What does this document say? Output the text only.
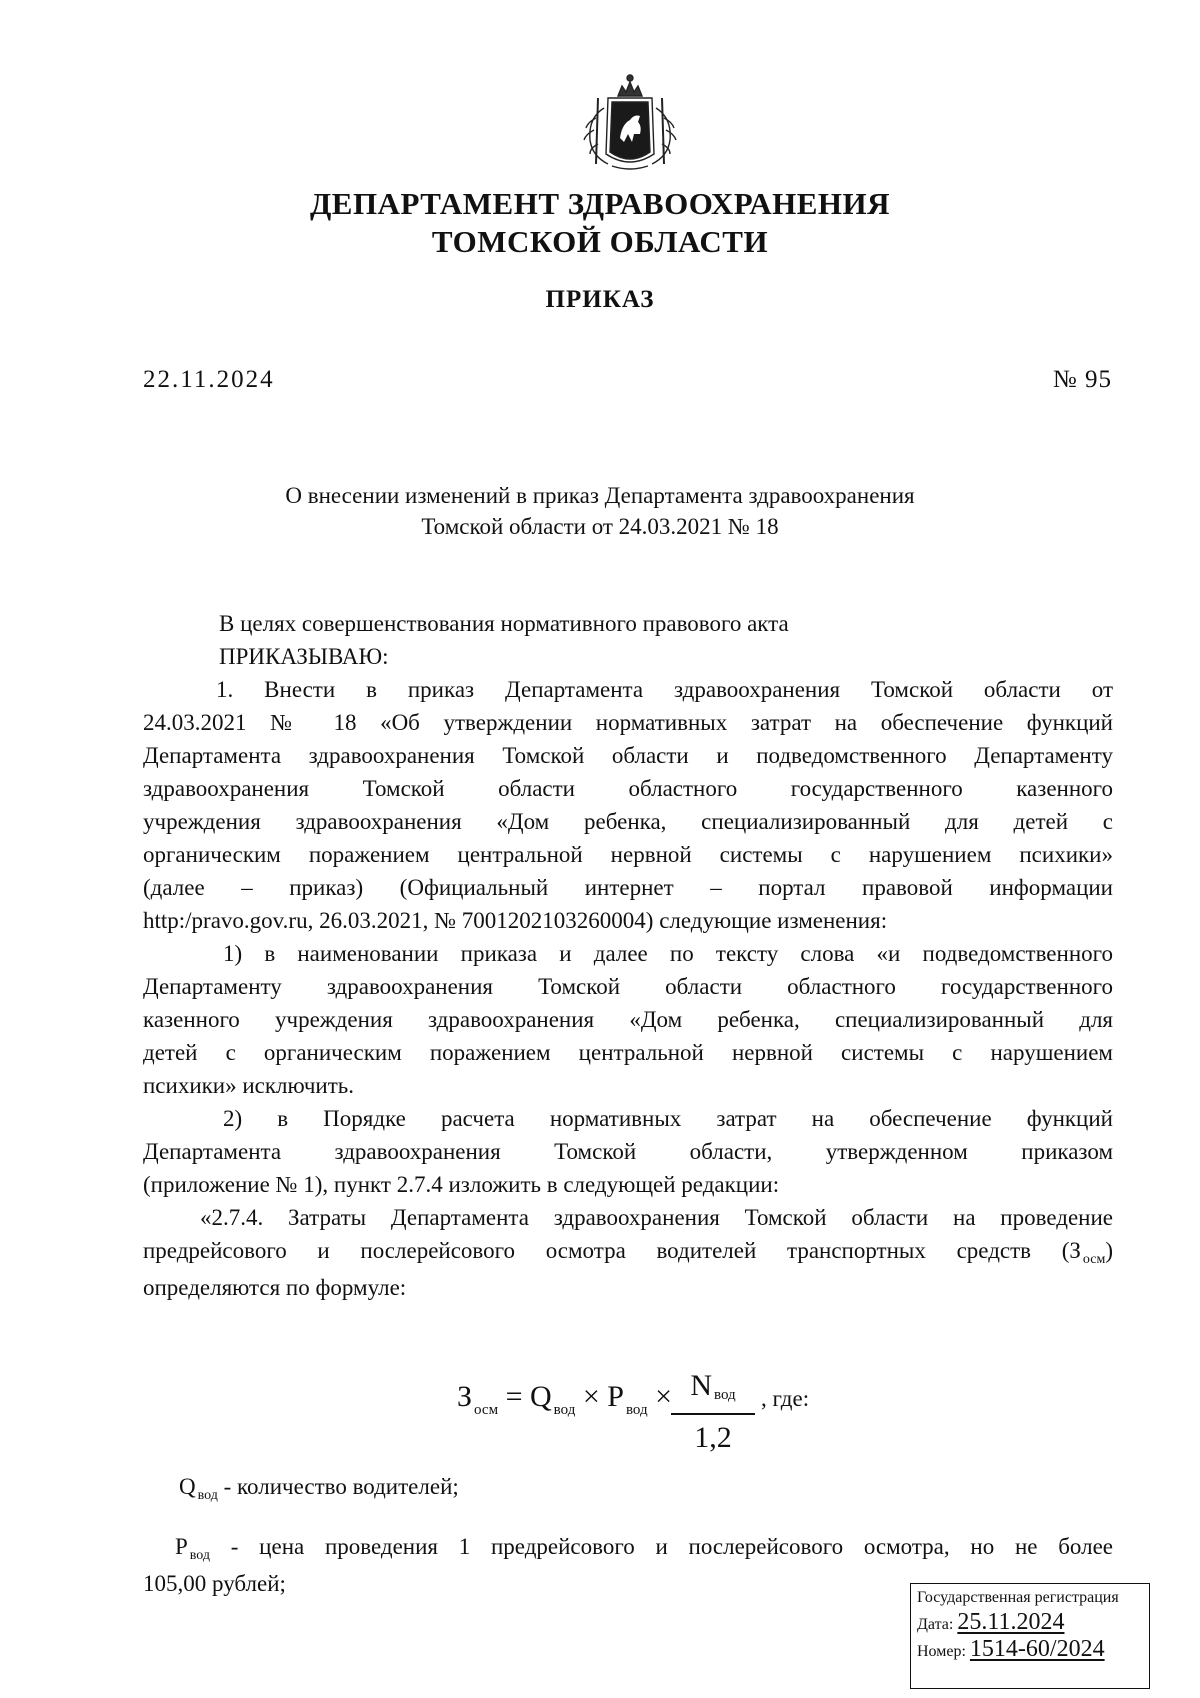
ДЕПАРТАМЕНТ ЗДРАВООХРАНЕНИЯ
ТОМСКОЙ ОБЛАСТИ
ПРИКАЗ
22.11.2024	№ 95
О внесении изменений в приказ Департамента здравоохранения
Томской области от 24.03.2021 № 18
В целях совершенствования нормативного правового акта
ПРИКАЗЫВАЮ:
1. Внести в приказ Департамента здравоохранения Томской области от
24.03.2021 № 18 «Об утверждении нормативных затрат на обеспечение функций
Департамента здравоохранения Томской области и подведомственного Департаменту
здравоохранения Томской области областного государственного казенного
учреждения здравоохранения «Дом ребенка, специализированный для детей с
органическим поражением центральной нервной системы с нарушением психики»
(далее – приказ) (Официальный интернет – портал правовой информации
http:/pravo.gov.ru, 26.03.2021, № 7001202103260004) следующие изменения:
1) в наименовании приказа и далее по тексту слова «и подведомственного
Департаменту здравоохранения Томской области областного государственного
казенного учреждения здравоохранения «Дом ребенка, специализированный для
детей с органическим поражением центральной нервной системы с нарушением
психики» исключить.
2) в Порядке расчета нормативных затрат на обеспечение функций
Департамента здравоохранения Томской области, утвержденном приказом
(приложение № 1), пункт 2.7.4 изложить в следующей редакции:
«2.7.4. Затраты Департамента здравоохранения Томской области на проведение
предрейсового и послерейсового осмотра водителей транспортных средств (З $_{осм}$)
определяются по формуле:
З $_{осм}$ = Q $_{вод}$ × P $_{вод}$ × Nвод
1,2
, где:
Q $_{вод}$ - количество водителей;
P $_{вод}$ - цена проведения 1 предрейсового и послерейсового осмотра, но не более
105,00 рублей;
Государственная регистрация
Дата: 25.11.2024
Номер: 1514-60/2024
